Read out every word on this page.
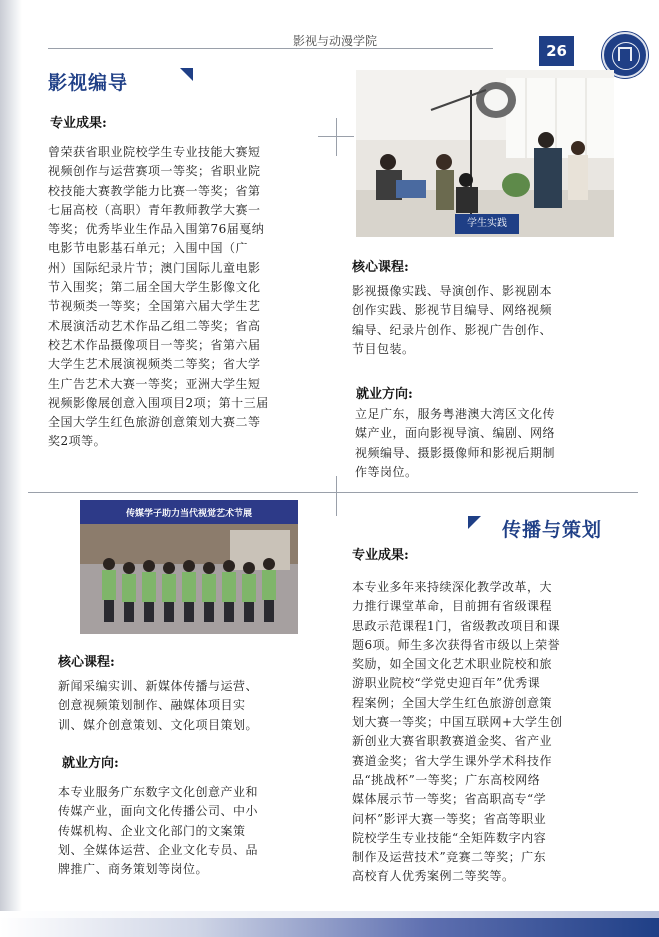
影视与动漫学院
26
影视编导
专业成果:
曾荣获省职业院校学生专业技能大赛短
视频创作与运营赛项一等奖；省职业院
校技能大赛教学能力比赛一等奖；省第
七届高校（高职）青年教师教学大赛一
等奖；优秀毕业生作品入围第76届戛纳
电影节电影基石单元；入围中国（广
州）国际纪录片节；澳门国际儿童电影
节入围奖；第二届全国大学生影像文化
节视频类一等奖；全国第六届大学生艺
术展演活动艺术作品乙组二等奖；省高
校艺术作品摄像项目一等奖；省第六届
大学生艺术展演视频类二等奖；省大学
生广告艺术大赛一等奖；亚洲大学生短
视频影像展创意入围项目2项；第十三届
全国大学生红色旅游创意策划大赛二等
奖2项等。
学生实践
核心课程:
影视摄像实践、导演创作、影视剧本
创作实践、影视节目编导、网络视频
编导、纪录片创作、影视广告创作、
节目包装。
就业方向:
立足广东，服务粤港澳大湾区文化传
媒产业，面向影视导演、编剧、网络
视频编导、摄影摄像师和影视后期制
作等岗位。
传媒学子助力当代视觉艺术节展
传播与策划
专业成果:
本专业多年来持续深化教学改革，大
力推行课堂革命，目前拥有省级课程
思政示范课程1门，省级教改项目和课
题6项。师生多次获得省市级以上荣誉
奖励，如全国文化艺术职业院校和旅
游职业院校“学党史迎百年”优秀课
程案例；全国大学生红色旅游创意策
划大赛一等奖；中国互联网+大学生创
新创业大赛省职教赛道金奖、省产业
赛道金奖；省大学生课外学术科技作
品“挑战杯”一等奖；广东高校网络
媒体展示节一等奖；省高职高专“学
问杯”影评大赛一等奖；省高等职业
院校学生专业技能“全矩阵数字内容
制作及运营技术”竞赛二等奖；广东
高校育人优秀案例二等奖等。
核心课程:
新闻采编实训、新媒体传播与运营、
创意视频策划制作、融媒体项目实
训、媒介创意策划、文化项目策划。
就业方向:
本专业服务广东数字文化创意产业和
传媒产业，面向文化传播公司、中小
传媒机构、企业文化部门的文案策
划、全媒体运营、企业文化专员、品
牌推广、商务策划等岗位。
